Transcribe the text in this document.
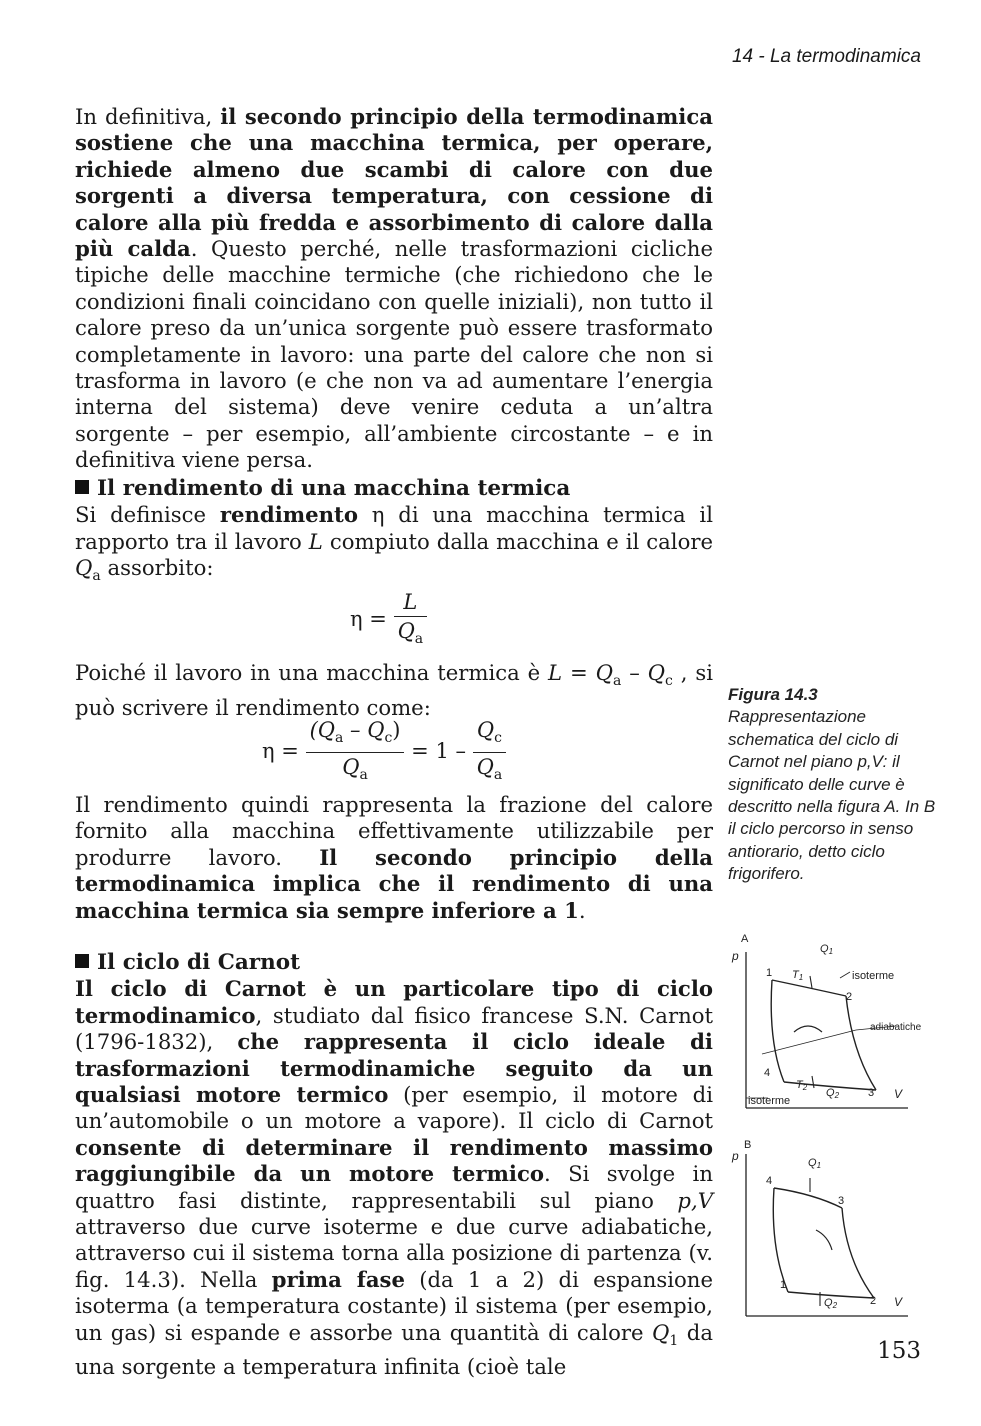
14 - La termodinamica

In definitiva, il secondo principio della termodinamica sostiene che una macchina termica, per operare, richiede almeno due scambi di calore con due sorgenti a diversa temperatura, con cessione di calore alla più fredda e assorbimento di calore dalla più calda. Questo perché, nelle trasformazioni cicliche tipiche delle macchine termiche (che richiedono che le condizioni finali coincidano con quelle iniziali), non tutto il calore preso da un’unica sorgente può essere trasformato completamente in lavoro: una parte del calore che non si trasforma in lavoro (e che non va ad aumentare l’energia interna del sistema) deve venire ceduta a un’altra sorgente – per esempio, all’ambiente circostante – e in definitiva viene persa.

Il rendimento di una macchina termica

Si definisce rendimento η di una macchina termica il rapporto tra il lavoro L compiuto dalla macchina e il calore $Q_a$ assorbito:

$\eta = \frac{L}{Q_a}$

Poiché il lavoro in una macchina termica è $L = Q_a - Q_c$ , si può scrivere il rendimento come:

$\eta = \frac{(Q_a - Q_c)}{Q_a} = 1 - \frac{Q_c}{Q_a}$

Il rendimento quindi rappresenta la frazione del calore fornito alla macchina effettivamente utilizzabile per produrre lavoro. Il secondo principio della termodinamica implica che il rendimento di una macchina termica sia sempre inferiore a 1.

Il ciclo di Carnot

Il ciclo di Carnot è un particolare tipo di ciclo termodinamico, studiato dal fisico francese S.N. Carnot (1796-1832), che rappresenta il ciclo ideale di trasformazioni termodinamiche seguito da un qualsiasi motore termico (per esempio, il motore di un’automobile o un motore a vapore). Il ciclo di Carnot consente di determinare il rendimento massimo raggiungibile da un motore termico. Si svolge in quattro fasi distinte, rappresentabili sul piano p,V attraverso due curve isoterme e due curve adiabatiche, attraverso cui il sistema torna alla posizione di partenza (v. fig. 14.3). Nella prima fase (da 1 a 2) di espansione isoterma (a temperatura costante) il sistema (per esempio, un gas) si espande e assorbe una quantità di calore $Q_1$ da una sorgente a temperatura infinita (cioè tale

Figura 14.3
Rappresentazione schematica del ciclo di Carnot nel piano p,V: il significato delle curve è descritto nella figura A. In B il ciclo percorso in senso antiorario, detto ciclo frigorifero.
A
p
V
1
2
3
4
Q1
T1
T2 Q2
isoterme
adiabatiche
isoterme
B
p
V
4
3
2
1
Q1
Q2
153
